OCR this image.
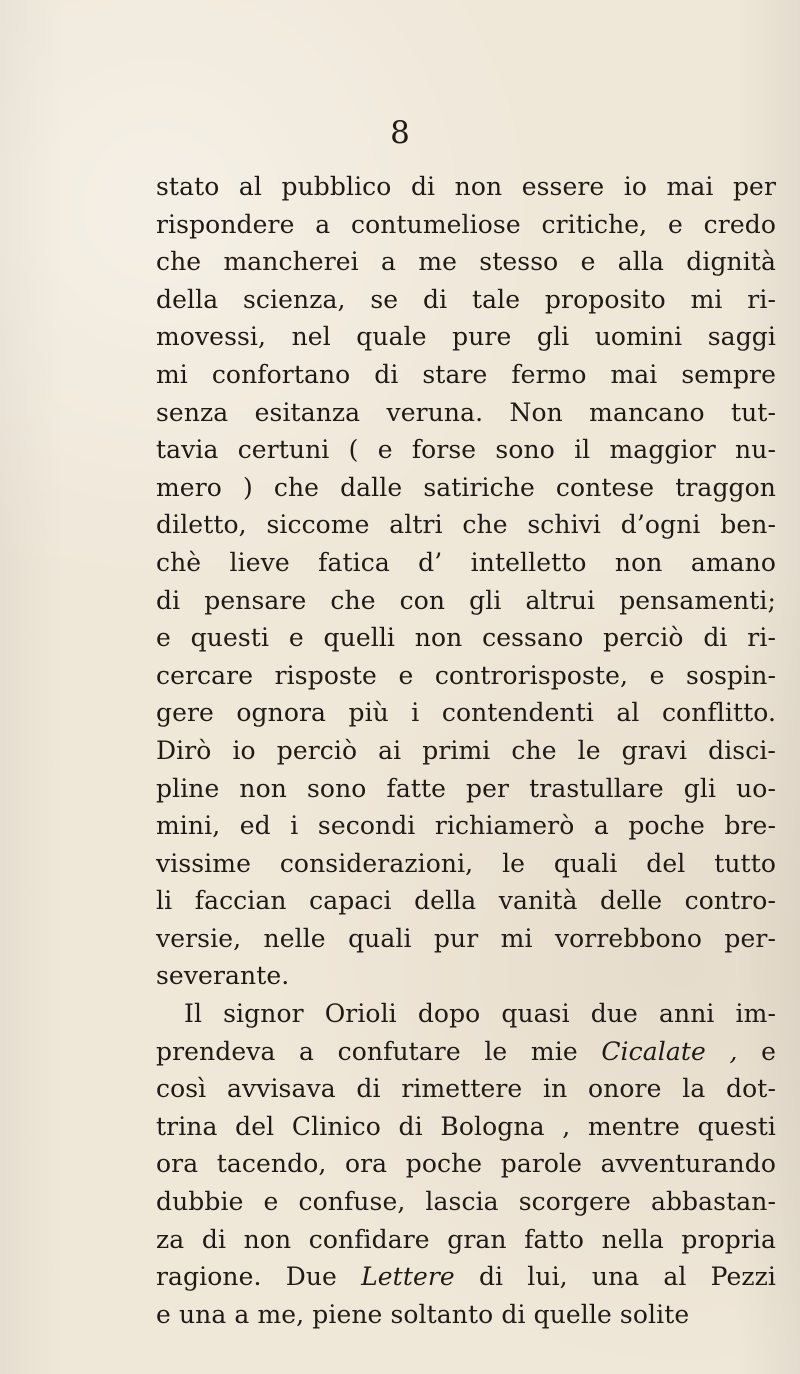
8
stato al pubblico di non essere io mai per
rispondere a contumeliose critiche, e credo
che mancherei a me stesso e alla dignità
della scienza, se di tale proposito mi ri-
movessi, nel quale pure gli uomini saggi
mi confortano di stare fermo mai sempre
senza esitanza veruna. Non mancano tut-
tavia certuni ( e forse sono il maggior nu-
mero ) che dalle satiriche contese traggon
diletto, siccome altri che schivi d’ogni ben-
chè lieve fatica d’ intelletto non amano
di pensare che con gli altrui pensamenti;
e questi e quelli non cessano perciò di ri-
cercare risposte e controrisposte, e sospin-
gere ognora più i contendenti al conflitto.
Dirò io perciò ai primi che le gravi disci-
pline non sono fatte per trastullare gli uo-
mini, ed i secondi richiamerò a poche bre-
vissime considerazioni, le quali del tutto
li faccian capaci della vanità delle contro-
versie, nelle quali pur mi vorrebbono per-
severante.
Il signor Orioli dopo quasi due anni im-
prendeva a confutare le mie Cicalate , e
così avvisava di rimettere in onore la dot-
trina del Clinico di Bologna , mentre questi
ora tacendo, ora poche parole avventurando
dubbie e confuse, lascia scorgere abbastan-
za di non confidare gran fatto nella propria
ragione. Due Lettere di lui, una al Pezzi
e una a me, piene soltanto di quelle solite
